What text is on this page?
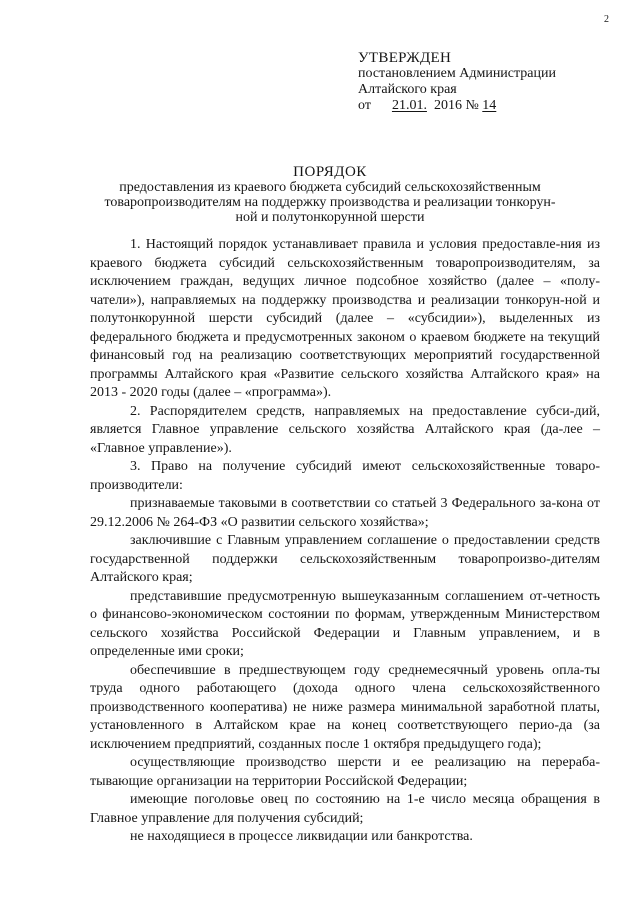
2
УТВЕРЖДЕН
постановлением Администрации
Алтайского края
от 21.01. 2016 № 14
ПОРЯДОК
предоставления из краевого бюджета субсидий сельскохозяйственным
товаропроизводителям на поддержку производства и реализации тонкорун-
ной и полутонкорунной шерсти

1. Настоящий порядок устанавливает правила и условия предоставле-ния из краевого бюджета субсидий сельскохозяйственным товаропроизводителям, за исключением граждан, ведущих личное подсобное хозяйство (далее – «полу-чатели»), направляемых на поддержку производства и реализации тонкорун-ной и полутонкорунной шерсти субсидий (далее – «субсидии»), выделенных из федерального бюджета и предусмотренных законом о краевом бюджете на текущий финансовый год на реализацию соответствующих мероприятий государственной программы Алтайского края «Развитие сельского хозяйства Алтайского края» на 2013 - 2020 годы (далее – «программа»).

2. Распорядителем средств, направляемых на предоставление субси-дий, является Главное управление сельского хозяйства Алтайского края (да-лее – «Главное управление»).

3. Право на получение субсидий имеют сельскохозяйственные товаро-производители:

признаваемые таковыми в соответствии со статьей 3 Федерального за-кона от 29.12.2006 № 264-ФЗ «О развитии сельского хозяйства»;

заключившие с Главным управлением соглашение о предоставлении средств государственной поддержки сельскохозяйственным товаропроизво-дителям Алтайского края;

представившие предусмотренную вышеуказанным соглашением от-четность о финансово-экономическом состоянии по формам, утвержденным Министерством сельского хозяйства Российской Федерации и Главным управлением, и в определенные ими сроки;

обеспечившие в предшествующем году среднемесячный уровень опла-ты труда одного работающего (дохода одного члена сельскохозяйственного производственного кооператива) не ниже размера минимальной заработной платы, установленного в Алтайском крае на конец соответствующего перио-да (за исключением предприятий, созданных после 1 октября предыдущего года);

осуществляющие производство шерсти и ее реализацию на перераба-тывающие организации на территории Российской Федерации;

имеющие поголовье овец по состоянию на 1-е число месяца обращения в Главное управление для получения субсидий;

не находящиеся в процессе ликвидации или банкротства.
